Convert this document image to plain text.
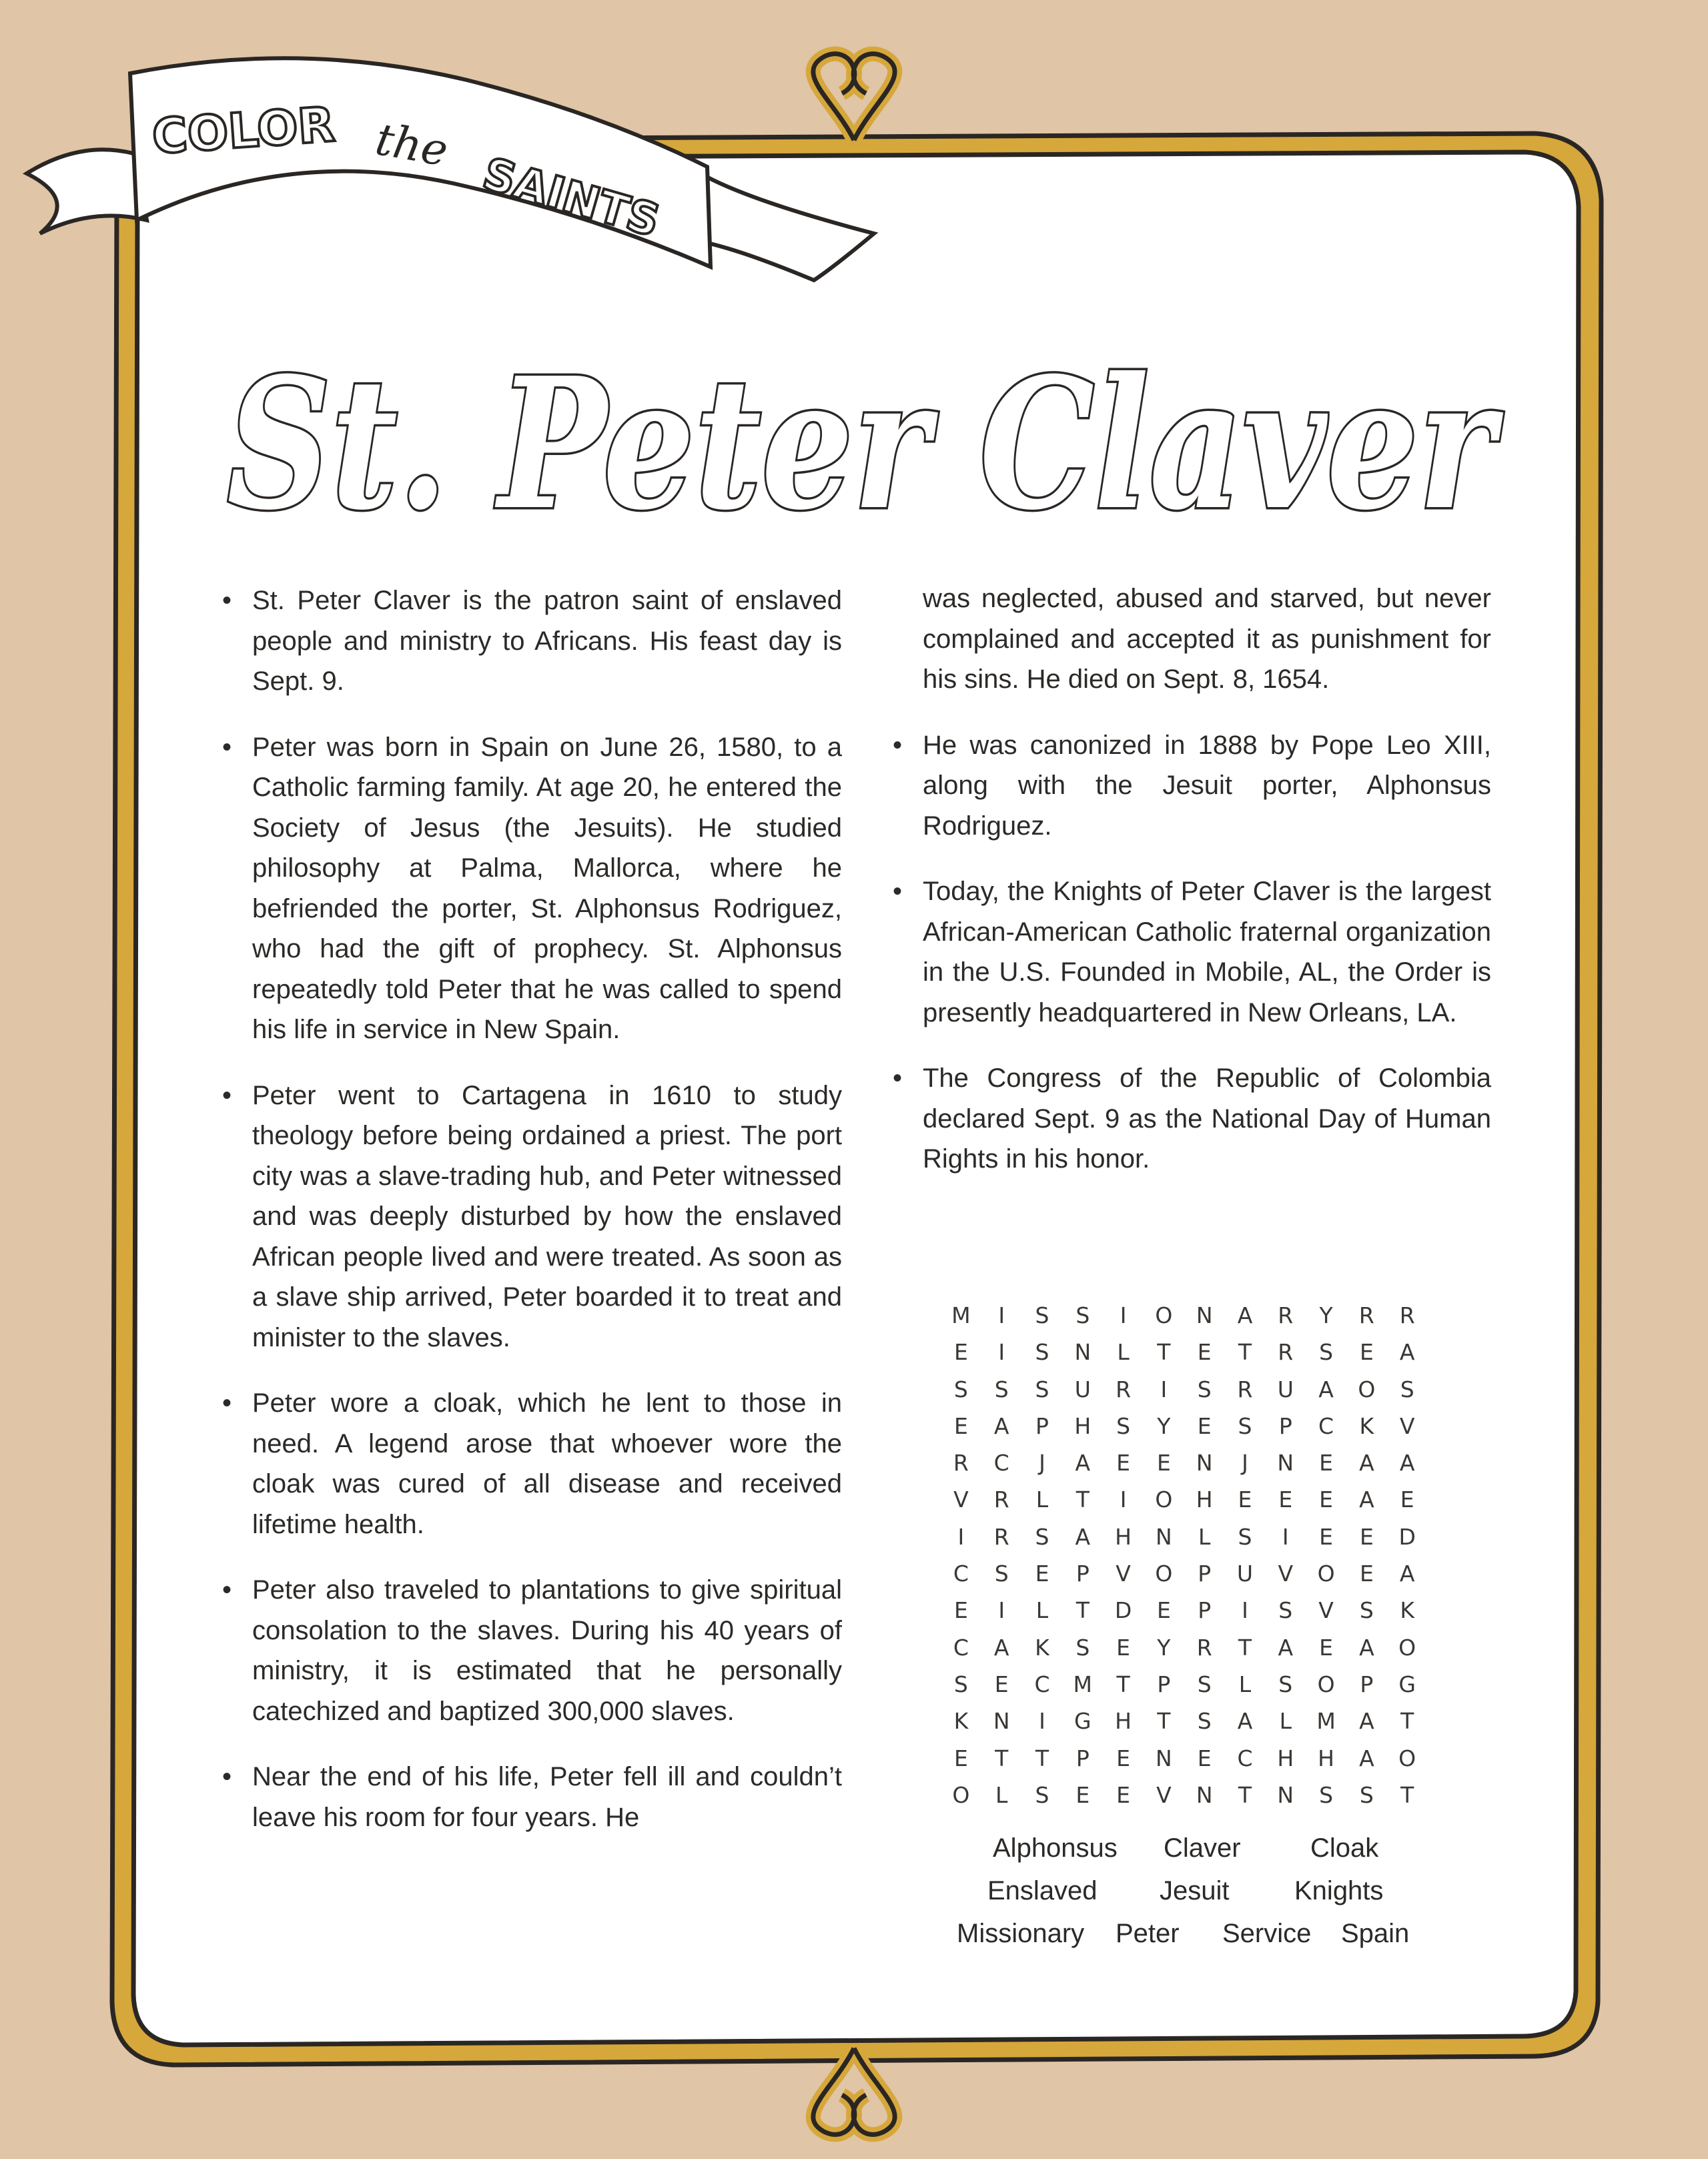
COLOR the
SAINTS
St. Peter Claver
• St. Peter Claver is the patron saint of enslaved people and ministry to Africans. His feast day is Sept. 9.
• Peter was born in Spain on June 26, 1580, to a Catholic farming family. At age 20, he entered the Society of Jesus (the Jesuits). He studied philosophy at Palma, Mallorca, where he befriended the porter, St. Alphonsus Rodriguez, who had the gift of prophecy. St. Alphonsus repeatedly told Peter that he was called to spend his life in service in New Spain.
• Peter went to Cartagena in 1610 to study theology before being ordained a priest. The port city was a slave-trading hub, and Peter witnessed and was deeply disturbed by how the enslaved African people lived and were treated. As soon as a slave ship arrived, Peter boarded it to treat and minister to the slaves.
• Peter wore a cloak, which he lent to those in need. A legend arose that whoever wore the cloak was cured of all disease and received lifetime health.
• Peter also traveled to plantations to give spiritual consolation to the slaves. During his 40 years of ministry, it is estimated that he personally catechized and baptized 300,000 slaves.
• Near the end of his life, Peter fell ill and couldn’t leave his room for four years. He
was neglected, abused and starved, but never complained and accepted it as punishment for his sins. He died on Sept. 8, 1654.
• He was canonized in 1888 by Pope Leo XIII, along with the Jesuit porter, Alphonsus Rodriguez.
• Today, the Knights of Peter Claver is the largest African-American Catholic fraternal organization in the U.S. Founded in Mobile, AL, the Order is presently headquartered in New Orleans, LA.
• The Congress of the Republic of Colombia declared Sept. 9 as the National Day of Human Rights in his honor.
M	I	S	S	I	O	N	A	R	Y	R	R
E	I	S	N	L	T	E	T	R	S	E	A
S	S	S	U	R	I	S	R	U	A	O	S
E	A	P	H	S	Y	E	S	P	C	K	V
R	C	J	A	E	E	N	J	N	E	A	A
V	R	L	T	I	O	H	E	E	E	A	E
I	R	S	A	H	N	L	S	I	E	E	D
C	S	E	P	V	O	P	U	V	O	E	A
E	I	L	T	D	E	P	I	S	V	S	K
C	A	K	S	E	Y	R	T	A	E	A	O
S	E	C	M	T	P	S	L	S	O	P	G
K	N	I	G	H	T	S	A	L	M	A	T
E	T	T	P	E	N	E	C	H	H	A	O
O	L	S	E	E	V	N	T	N	S	S	T
Alphonsus Claver	Cloak
Enslaved Jesuit Knights
Missionary Peter Service Spain
